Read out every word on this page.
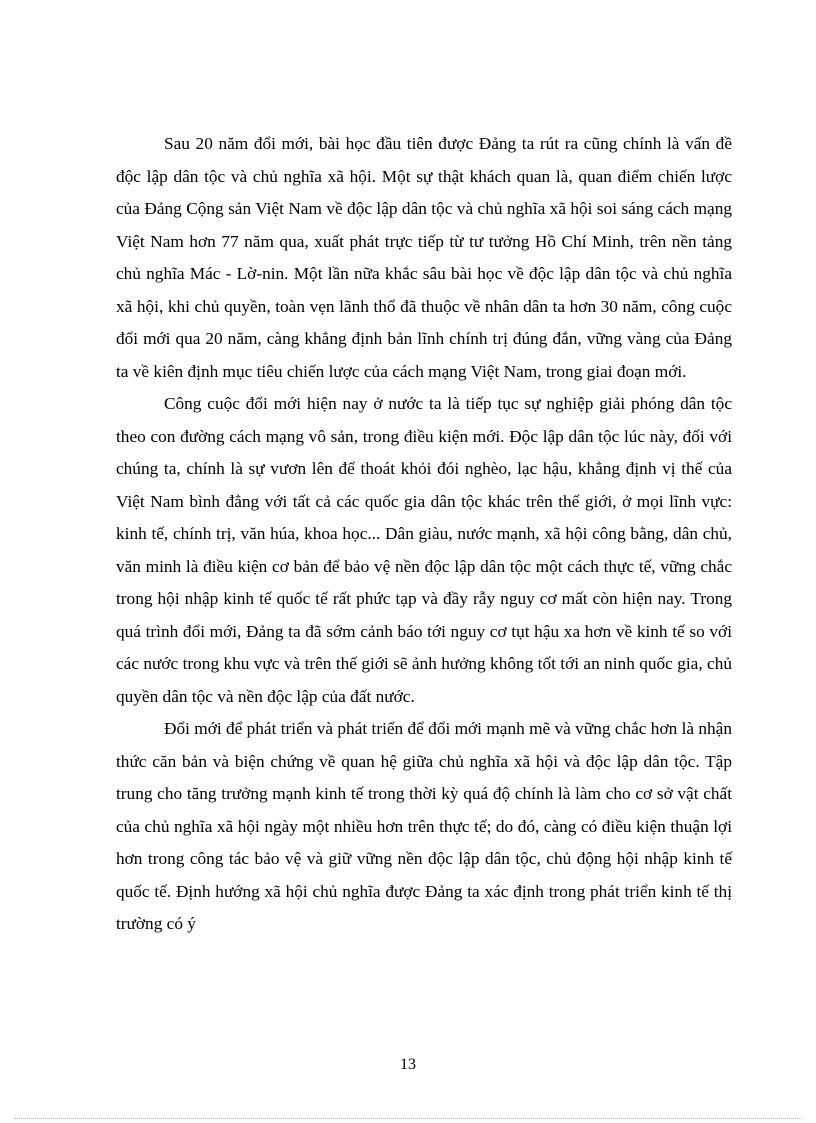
Sau 20 năm đổi mới, bài học đầu tiên được Đảng ta rút ra cũng chính là vấn đề độc lập dân tộc và chủ nghĩa xã hội. Một sự thật khách quan là, quan điểm chiến lược của Đảng Cộng sản Việt Nam về độc lập dân tộc và chủ nghĩa xã hội soi sáng cách mạng Việt Nam hơn 77 năm qua, xuất phát trực tiếp từ tư tưởng Hồ Chí Minh, trên nền tảng chủ nghĩa Mác - Lờ-nin. Một lần nữa khắc sâu bài học về độc lập dân tộc và chủ nghĩa xã hội, khi chủ quyền, toàn vẹn lãnh thổ đã thuộc về nhân dân ta hơn 30 năm, công cuộc đổi mới qua 20 năm, càng khẳng định bản lĩnh chính trị đúng đắn, vững vàng của Đảng ta về kiên định mục tiêu chiến lược của cách mạng Việt Nam, trong giai đoạn mới.

Công cuộc đổi mới hiện nay ở nước ta là tiếp tục sự nghiệp giải phóng dân tộc theo con đường cách mạng vô sản, trong điều kiện mới. Độc lập dân tộc lúc này, đối với chúng ta, chính là sự vươn lên để thoát khỏi đói nghèo, lạc hậu, khẳng định vị thế của Việt Nam bình đẳng với tất cả các quốc gia dân tộc khác trên thế giới, ở mọi lĩnh vực: kinh tế, chính trị, văn húa, khoa học... Dân giàu, nước mạnh, xã hội công bằng, dân chủ, văn minh là điều kiện cơ bản để bảo vệ nền độc lập dân tộc một cách thực tế, vững chắc trong hội nhập kinh tế quốc tế rất phức tạp và đầy rẫy nguy cơ mất còn hiện nay. Trong quá trình đổi mới, Đảng ta đã sớm cảnh báo tới nguy cơ tụt hậu xa hơn về kinh tế so với các nước trong khu vực và trên thế giới sẽ ảnh hưởng không tốt tới an ninh quốc gia, chủ quyền dân tộc và nền độc lập của đất nước.

Đổi mới để phát triển và phát triển để đổi mới mạnh mẽ và vững chắc hơn là nhận thức căn bản và biện chứng về quan hệ giữa chủ nghĩa xã hội và độc lập dân tộc. Tập trung cho tăng trưởng mạnh kinh tế trong thời kỳ quá độ chính là làm cho cơ sở vật chất của chủ nghĩa xã hội ngày một nhiều hơn trên thực tế; do đó, càng có điều kiện thuận lợi hơn trong công tác bảo vệ và giữ vững nền độc lập dân tộc, chủ động hội nhập kinh tế quốc tế. Định hướng xã hội chủ nghĩa được Đảng ta xác định trong phát triển kinh tế thị trường có ý

13
